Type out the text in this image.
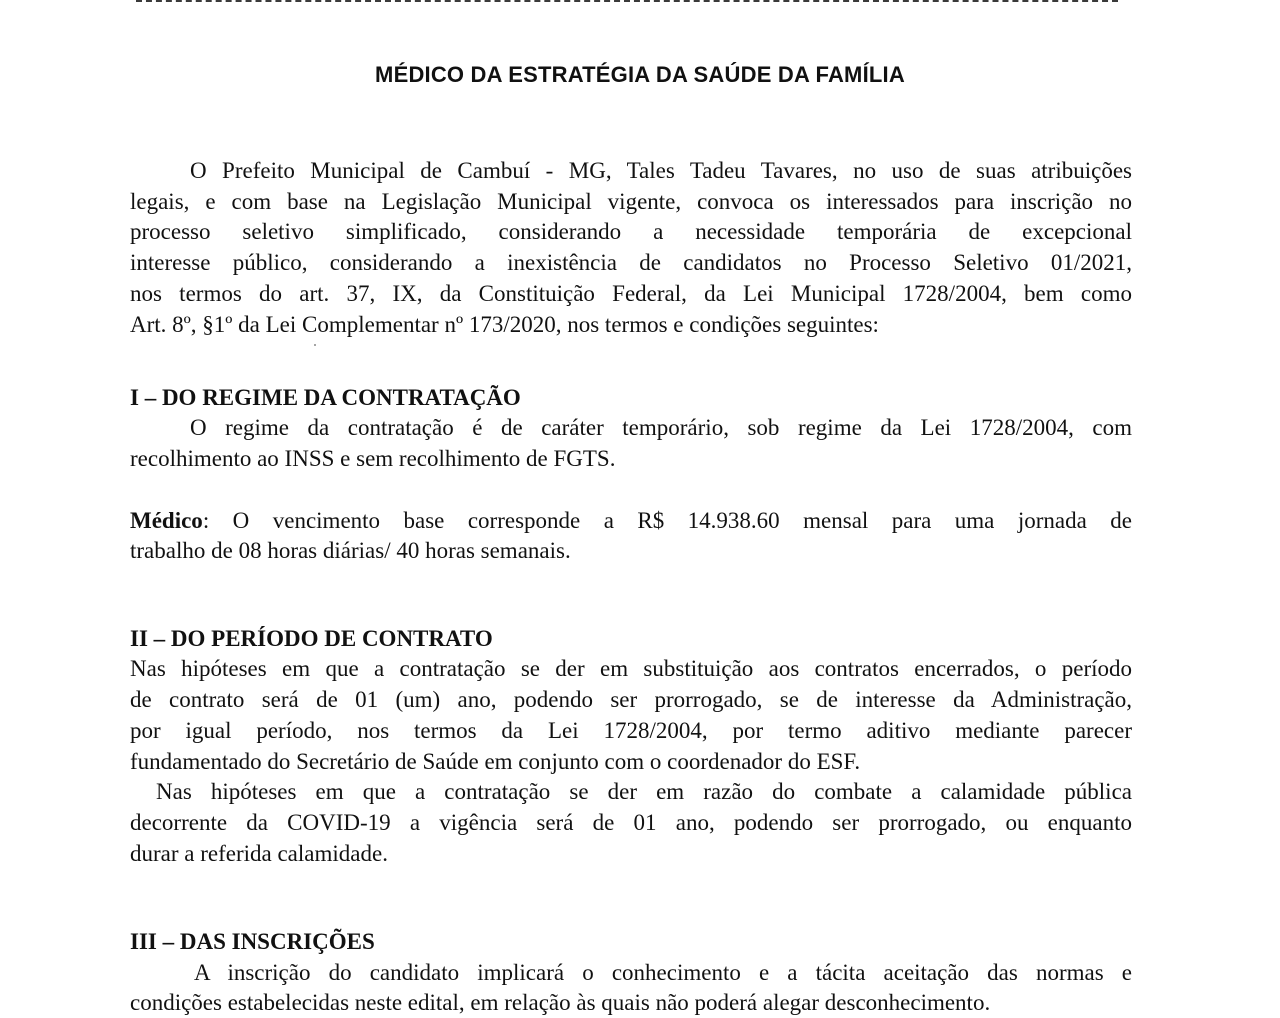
MÉDICO DA ESTRATÉGIA DA SAÚDE DA FAMÍLIA
O Prefeito Municipal de Cambuí - MG, Tales Tadeu Tavares, no uso de suas atribuições
legais, e com base na Legislação Municipal vigente, convoca os interessados para inscrição no
processo seletivo simplificado, considerando a necessidade temporária de excepcional
interesse público, considerando a inexistência de candidatos no Processo Seletivo 01/2021,
nos termos do art. 37, IX, da Constituição Federal, da Lei Municipal 1728/2004, bem como
Art. 8º, §1º da Lei Complementar nº 173/2020, nos termos e condições seguintes:
I – DO REGIME DA CONTRATAÇÃO
O regime da contratação é de caráter temporário, sob regime da Lei 1728/2004, com
recolhimento ao INSS e sem recolhimento de FGTS.
Médico: O vencimento base corresponde a R$ 14.938.60 mensal para uma jornada de
trabalho de 08 horas diárias/ 40 horas semanais.
II – DO PERÍODO DE CONTRATO
Nas hipóteses em que a contratação se der em substituição aos contratos encerrados, o período
de contrato será de 01 (um) ano, podendo ser prorrogado, se de interesse da Administração,
por igual período, nos termos da Lei 1728/2004, por termo aditivo mediante parecer
fundamentado do Secretário de Saúde em conjunto com o coordenador do ESF.
Nas hipóteses em que a contratação se der em razão do combate a calamidade pública
decorrente da COVID-19 a vigência será de 01 ano, podendo ser prorrogado, ou enquanto
durar a referida calamidade.
III – DAS INSCRIÇÕES
A inscrição do candidato implicará o conhecimento e a tácita aceitação das normas e
condições estabelecidas neste edital, em relação às quais não poderá alegar desconhecimento.
